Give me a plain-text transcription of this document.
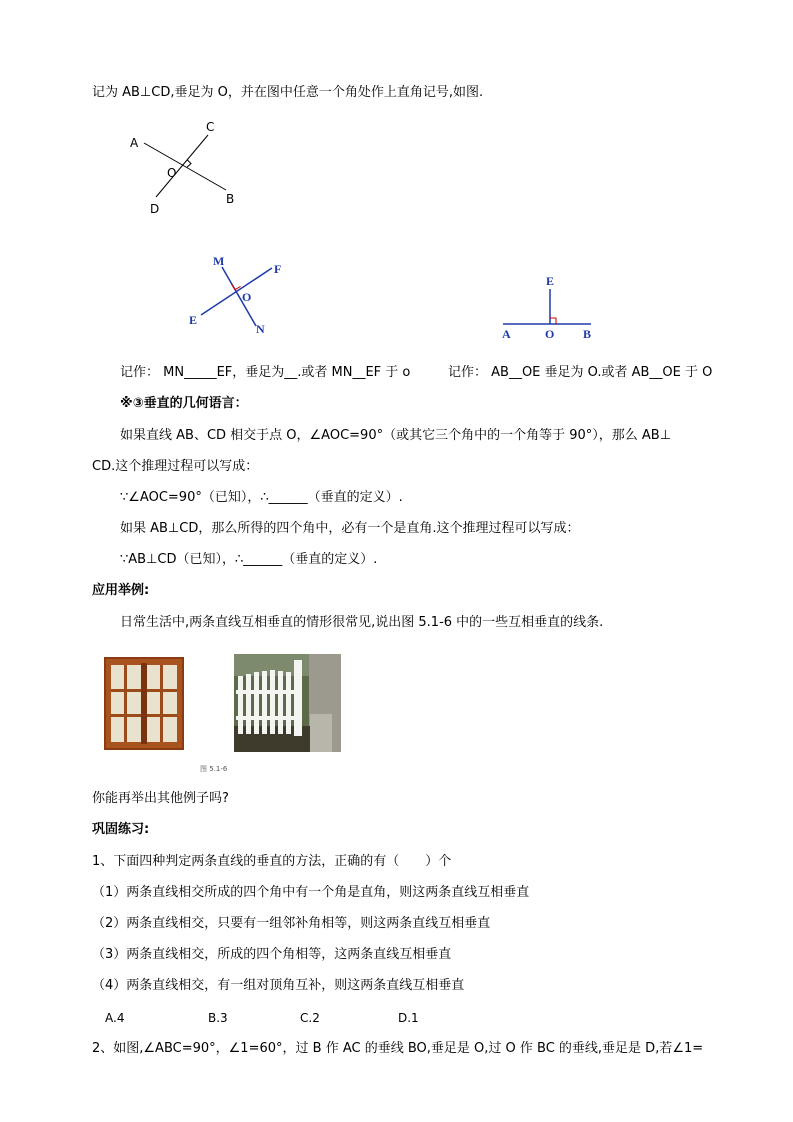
记为 AB⊥CD,垂足为 O，并在图中任意一个角处作上直角记号,如图.
A
C
O
D
B
M
F
O
E
N
E
A	O B
记作： MN_____EF，垂足为__.或者 MN__EF 于 o	记作： AB__OE 垂足为 O.或者 AB__OE 于 O
※③垂直的几何语言：
如果直线 AB、CD 相交于点 O，∠AOC=90°（或其它三个角中的一个角等于 90°），那么 AB⊥
CD.这个推理过程可以写成：
∵∠AOC=90°（已知），∴______（垂直的定义）.
如果 AB⊥CD，那么所得的四个角中，必有一个是直角.这个推理过程可以写成：
∵AB⊥CD（已知），∴______（垂直的定义）.
应用举例:
日常生活中,两条直线互相垂直的情形很常见,说出图 5.1-6 中的一些互相垂直的线条.
图 5.1-6
你能再举出其他例子吗?
巩固练习:
1、下面四种判定两条直线的垂直的方法，正确的有（　　）个
（1）两条直线相交所成的四个角中有一个角是直角，则这两条直线互相垂直
（2）两条直线相交，只要有一组邻补角相等，则这两条直线互相垂直
（3）两条直线相交，所成的四个角相等，这两条直线互相垂直
（4）两条直线相交，有一组对顶角互补，则这两条直线互相垂直
A.4	B.3	C.2	D.1
2、如图,∠ABC=90°，∠1=60°，过 B 作 AC 的垂线 BO,垂足是 O,过 O 作 BC 的垂线,垂足是 D,若∠1=
